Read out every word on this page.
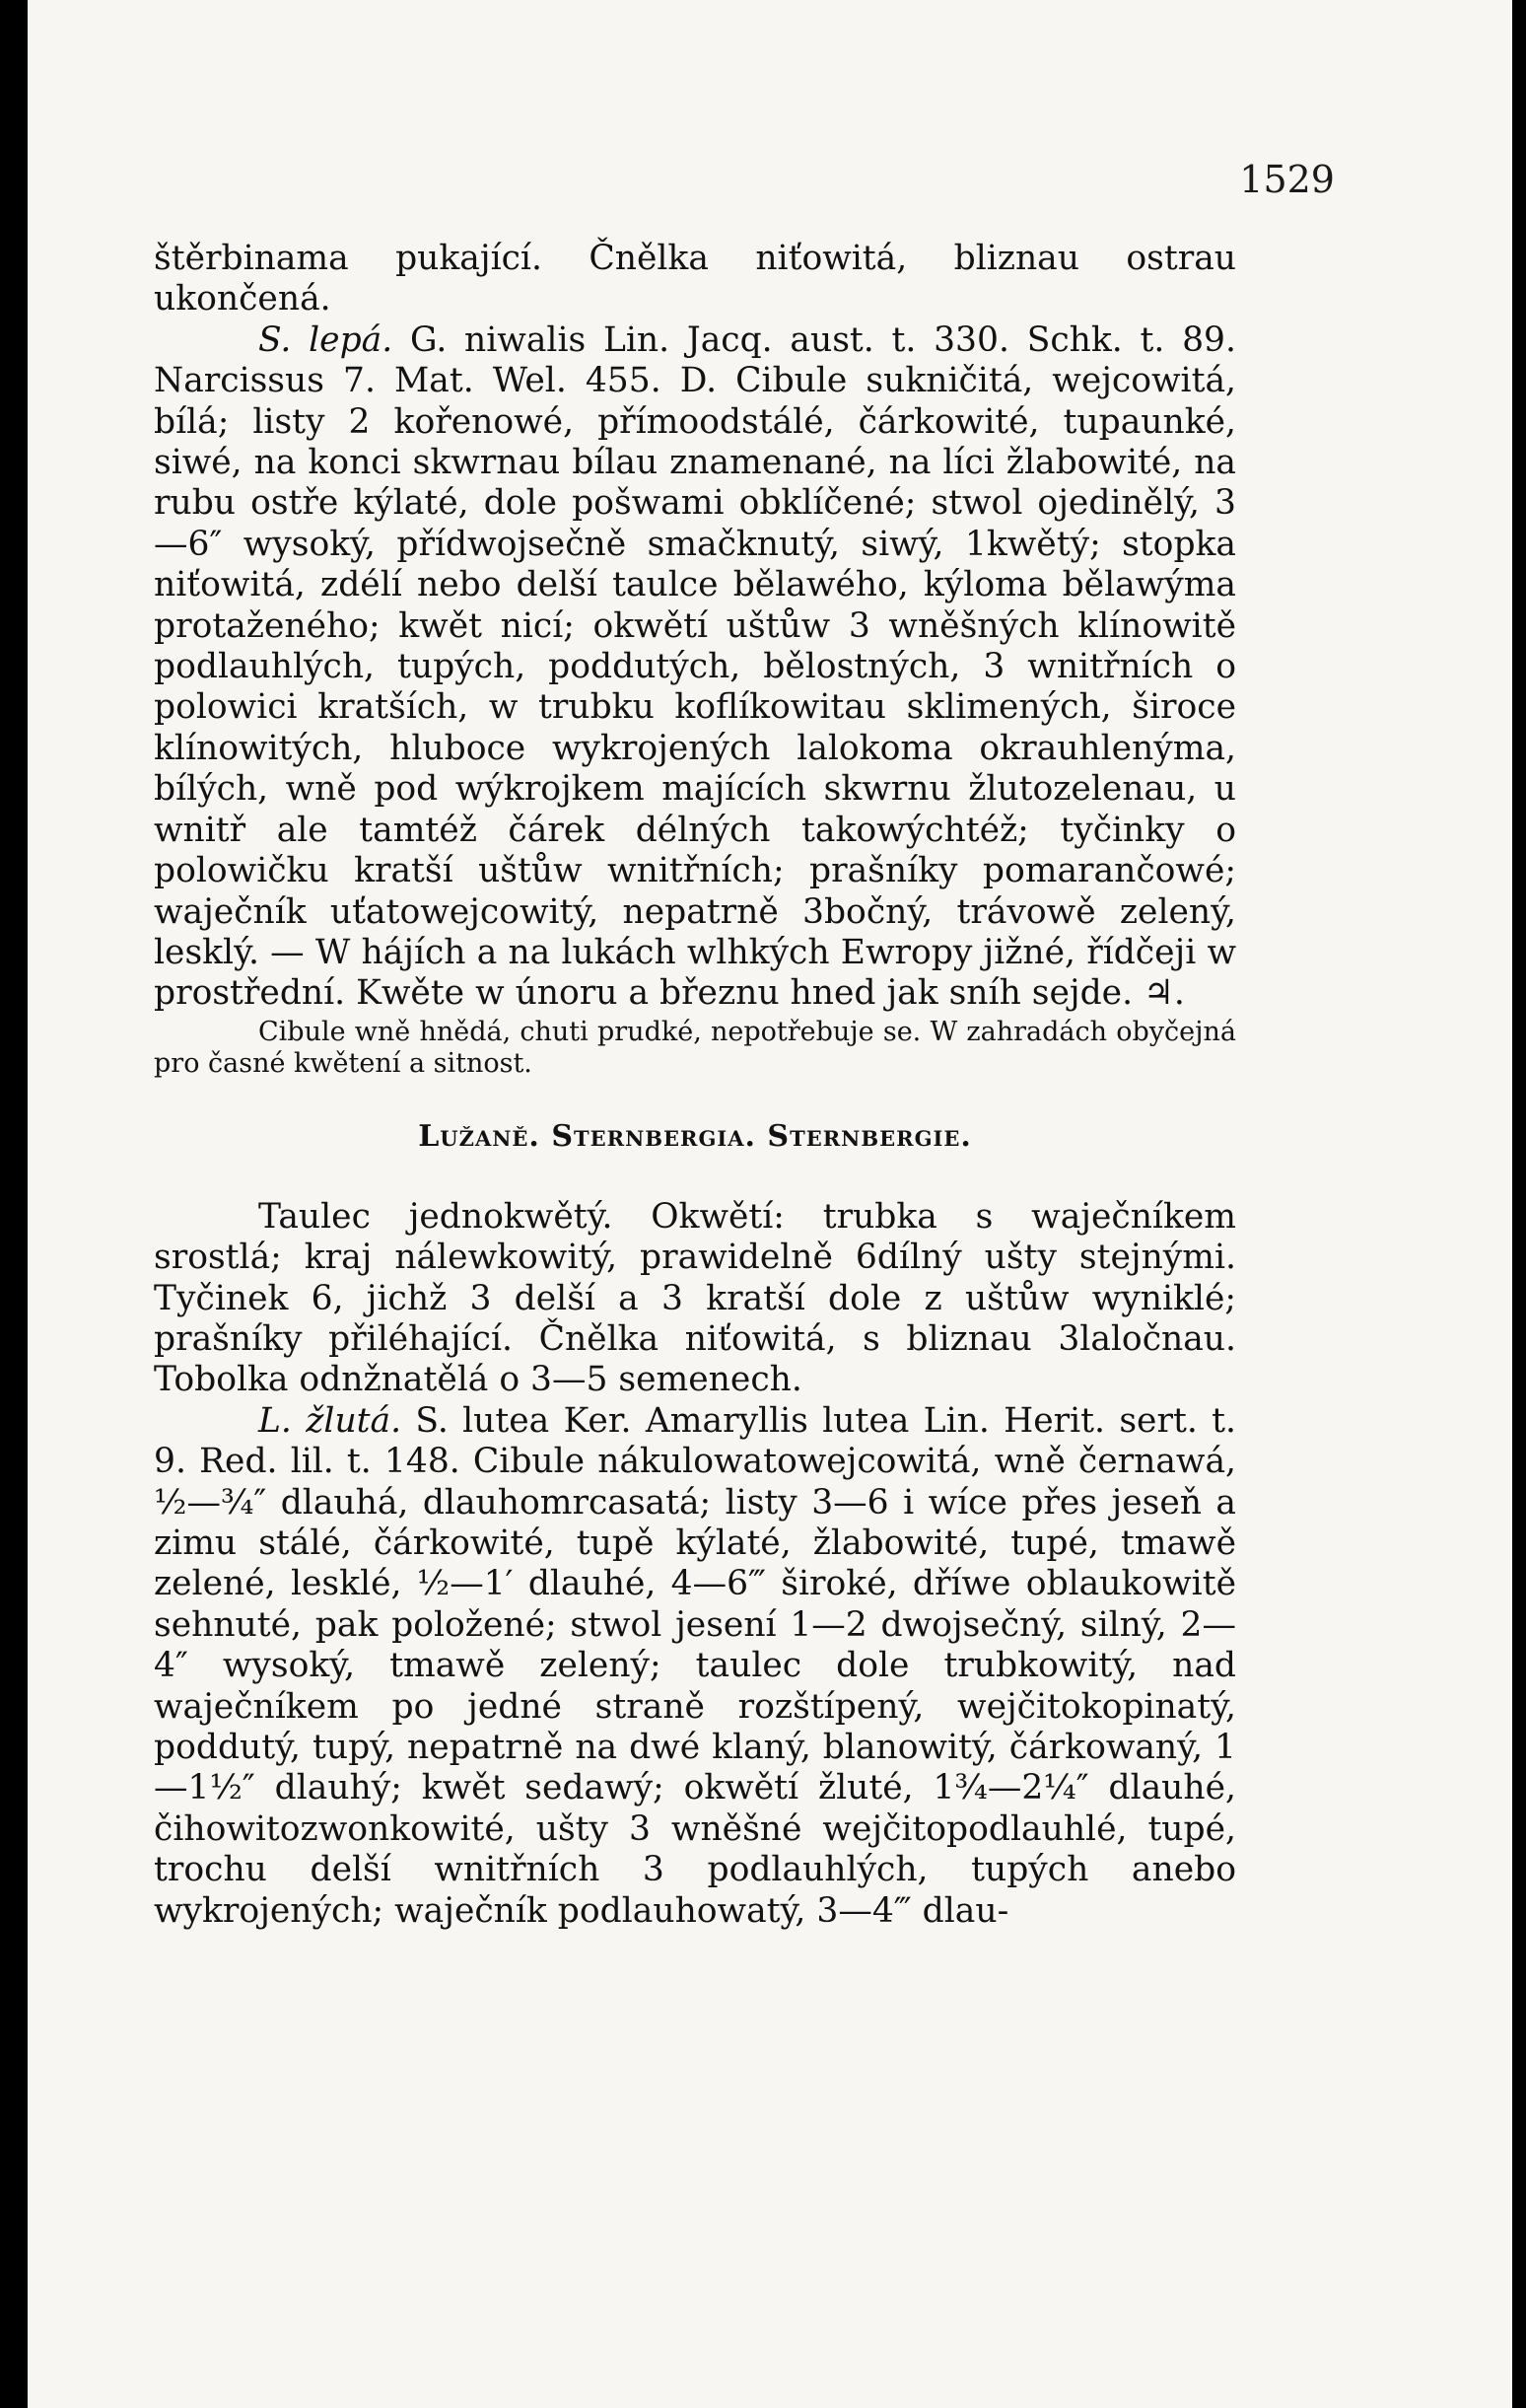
1529

štěrbinama pukající. Čnělka niťowitá, bliznau ostrau ukončená.

S. lepá. G. niwalis Lin. Jacq. aust. t. 330. Schk. t. 89. Narcissus 7. Mat. Wel. 455. D. Cibule sukničitá, wejcowitá, bílá; listy 2 kořenowé, přímoodstálé, čárkowité, tupaunké, siwé, na konci skwrnau bílau znamenané, na líci žlabowité, na rubu ostře kýlaté, dole pošwami obklíčené; stwol ojedinělý, 3—6″ wysoký, přídwojsečně smačknutý, siwý, 1kwětý; stopka niťowitá, zdélí nebo delší taulce bělawého, kýloma bělawýma protaženého; kwět nicí; okwětí uštůw 3 wněšných klínowitě podlauhlých, tupých, poddutých, bělostných, 3 wnitřních o polowici kratších, w trubku koflíkowitau sklimených, široce klínowitých, hluboce wykrojených lalokoma okrauhlenýma, bílých, wně pod wýkrojkem majících skwrnu žlutozelenau, u wnitř ale tamtéž čárek délných takowýchtéž; tyčinky o polowičku kratší uštůw wnitřních; prašníky pomarančowé; waječník uťatowejcowitý, nepatrně 3bočný, trávowě zelený, lesklý. — W hájích a na lukách wlhkých Ewropy jižné, řídčeji w prostřední. Kwěte w únoru a březnu hned jak sníh sejde. ♃.

Cibule wně hnědá, chuti prudké, nepotřebuje se. W zahradách obyčejná pro časné kwětení a sitnost.

Lužaně. Sternbergia. Sternbergie.

Taulec jednokwětý. Okwětí: trubka s waječníkem srostlá; kraj nálewkowitý, prawidelně 6dílný ušty stejnými. Tyčinek 6, jichž 3 delší a 3 kratší dole z uštůw wyniklé; prašníky přiléhající. Čnělka niťowitá, s bliznau 3laločnau. Tobolka odnžnatělá o 3—5 semenech.

L. žlutá. S. lutea Ker. Amaryllis lutea Lin. Herit. sert. t. 9. Red. lil. t. 148. Cibule nákulowatowejcowitá, wně černawá, ½—¾″ dlauhá, dlauhomrcasatá; listy 3—6 i wíce přes jeseň a zimu stálé, čárkowité, tupě kýlaté, žlabowité, tupé, tmawě zelené, lesklé, ½—1′ dlauhé, 4—6‴ široké, dříwe oblaukowitě sehnuté, pak položené; stwol jesení 1—2 dwojsečný, silný, 2—4″ wysoký, tmawě zelený; taulec dole trubkowitý, nad waječníkem po jedné straně rozštípený, wejčitokopinatý, poddutý, tupý, nepatrně na dwé klaný, blanowitý, čárkowaný, 1—1½″ dlauhý; kwět sedawý; okwětí žluté, 1¾—2¼″ dlauhé, čihowitozwonkowité, ušty 3 wněšné wejčitopodlauhlé, tupé, trochu delší wnitřních 3 podlauhlých, tupých anebo wykrojených; waječník podlauhowatý, 3—4‴ dlau-
